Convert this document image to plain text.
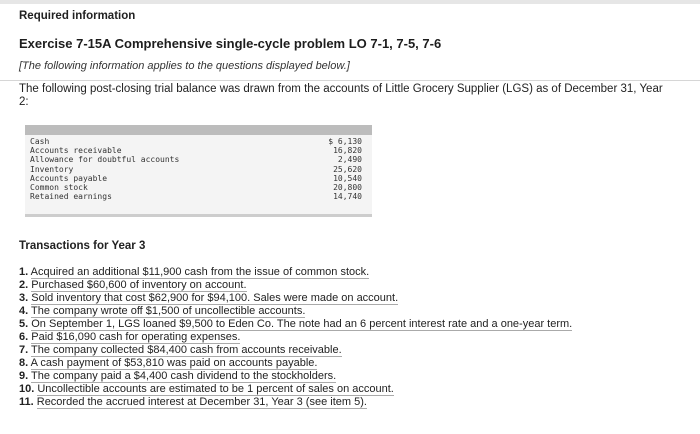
Required information
Exercise 7-15A Comprehensive single-cycle problem LO 7-1, 7-5, 7-6
[The following information applies to the questions displayed below.]
The following post-closing trial balance was drawn from the accounts of Little Grocery Supplier (LGS) as of December 31, Year 2:
Cash
Accounts receivable
Allowance for doubtful accounts
Inventory
Accounts payable
Common stock
Retained earnings
$ 6,130
16,820
2,490
25,620
10,540
20,800
14,740
Transactions for Year 3
1. Acquired an additional $11,900 cash from the issue of common stock.
2. Purchased $60,600 of inventory on account.
3. Sold inventory that cost $62,900 for $94,100. Sales were made on account.
4. The company wrote off $1,500 of uncollectible accounts.
5. On September 1, LGS loaned $9,500 to Eden Co. The note had an 6 percent interest rate and a one-year term.
6. Paid $16,090 cash for operating expenses.
7. The company collected $84,400 cash from accounts receivable.
8. A cash payment of $53,810 was paid on accounts payable.
9. The company paid a $4,400 cash dividend to the stockholders.
10. Uncollectible accounts are estimated to be 1 percent of sales on account.
11. Recorded the accrued interest at December 31, Year 3 (see item 5).
